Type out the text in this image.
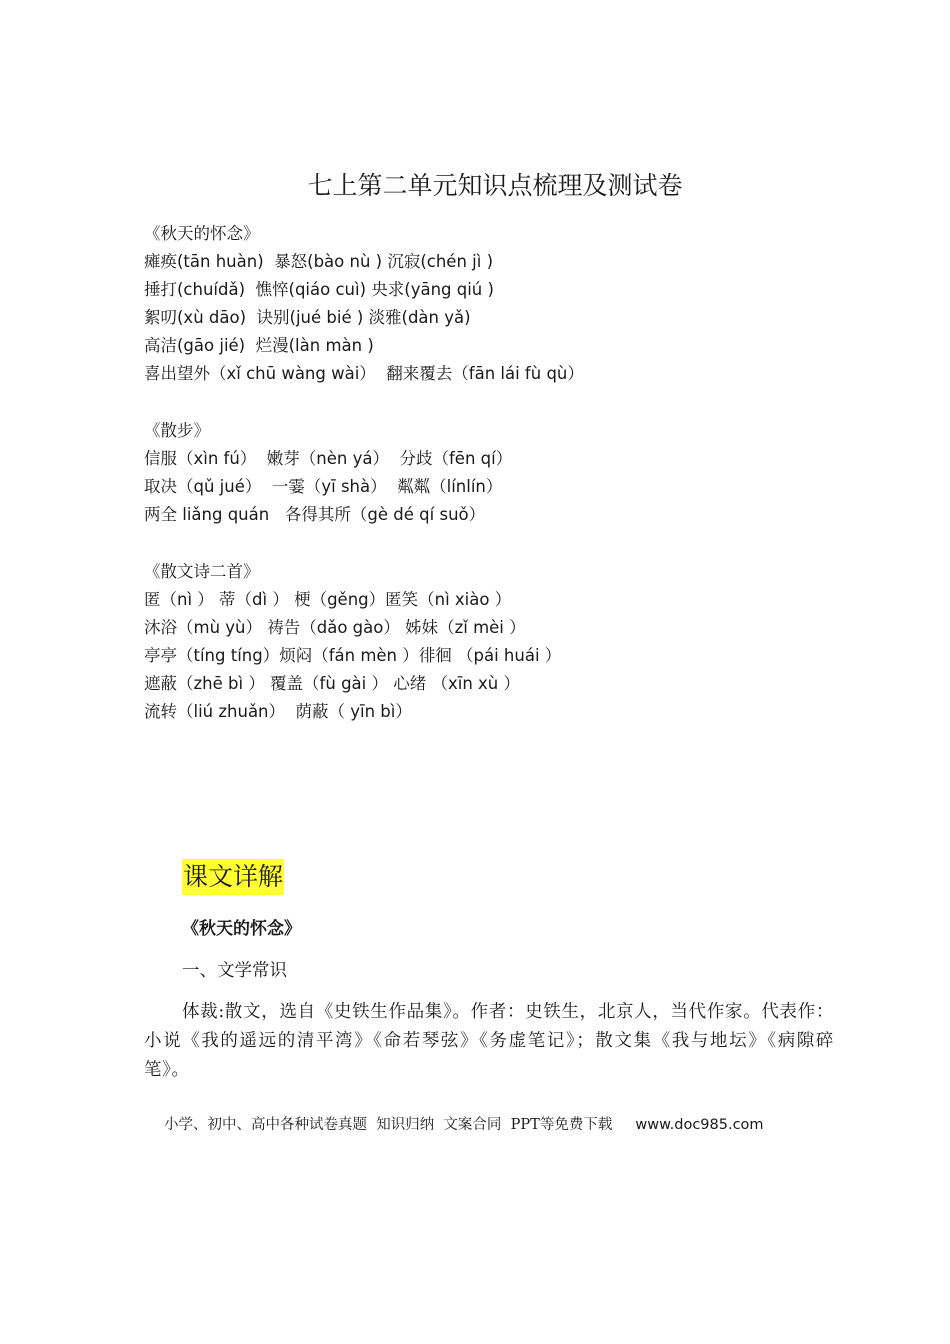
七上第二单元知识点梳理及测试卷
《秋天的怀念》
瘫痪(tān huàn)  暴怒(bào nù ) 沉寂(chén jì )
捶打(chuídǎ)  憔悴(qiáo cuì) 央求(yāng qiú )
絮叨(xù dāo)  诀别(jué bié ) 淡雅(dàn yǎ)
高洁(gāo jié)  烂漫(làn màn )
喜出望外（xǐ chū wàng wài）  翻来覆去（fān lái fù qù）
《散步》
信服（xìn fú）  嫩芽（nèn yá）  分歧（fēn qí）
取决（qǔ jué）  一霎（yī shà）  粼粼（línlín）
两全 liǎng quán   各得其所（gè dé qí suǒ）
《散文诗二首》
匿（nì ） 蒂（dì ） 梗（gěng）匿笑（nì xiào ）
沐浴（mù yù） 祷告（dǎo gào） 姊妹（zǐ mèi ）
亭亭（tíng tíng）烦闷（fán mèn ）徘徊 （pái huái ）
遮蔽（zhē bì ） 覆盖（fù gài ） 心绪 （xīn xù ）
流转（liú zhuǎn）  荫蔽（ yīn bì）
课文详解
《秋天的怀念》
一、文学常识
体裁:散文，选自《史铁生作品集》。作者：史铁生，北京人，当代作家。代表作：小说《我的遥远的清平湾》《命若琴弦》《务虚笔记》；散文集《我与地坛》《病隙碎笔》。
小学、初中、高中各种试卷真题  知识归纳  文案合同  PPT等免费下载 www.doc985.com
